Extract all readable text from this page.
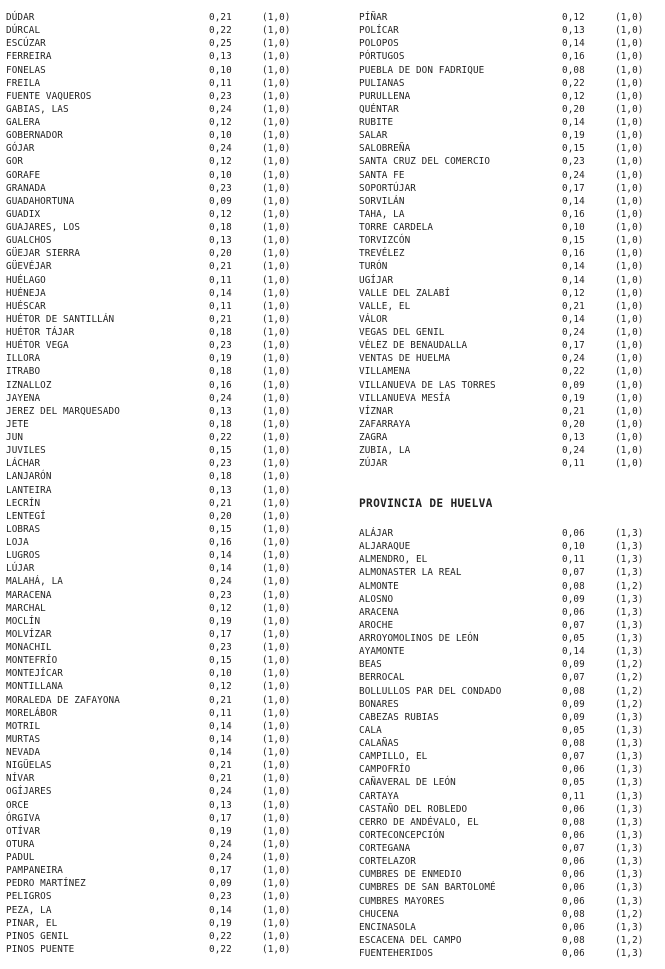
DÚDAR	0,21	(1,0)
DÚRCAL	0,22	(1,0)
ESCÚZAR	0,25	(1,0)
FERREIRA	0,13	(1,0)
FONELAS	0,10	(1,0)
FREILA	0,11	(1,0)
FUENTE VAQUEROS	0,23	(1,0)
GABIAS, LAS	0,24	(1,0)
GALERA	0,12	(1,0)
GOBERNADOR	0,10	(1,0)
GÓJAR	0,24	(1,0)
GOR	0,12	(1,0)
GORAFE	0,10	(1,0)
GRANADA	0,23	(1,0)
GUADAHORTUNA	0,09	(1,0)
GUADIX	0,12	(1,0)
GUAJARES, LOS	0,18	(1,0)
GUALCHOS	0,13	(1,0)
GÜEJAR SIERRA	0,20	(1,0)
GÜEVÉJAR	0,21	(1,0)
HUÉLAGO	0,11	(1,0)
HUÉNEJA	0,14	(1,0)
HUÉSCAR	0,11	(1,0)
HUÉTOR DE SANTILLÁN	0,21	(1,0)
HUÉTOR TÁJAR	0,18	(1,0)
HUÉTOR VEGA	0,23	(1,0)
ILLORA	0,19	(1,0)
ITRABO	0,18	(1,0)
IZNALLOZ	0,16	(1,0)
JAYENA	0,24	(1,0)
JEREZ DEL MARQUESADO	0,13	(1,0)
JETE	0,18	(1,0)
JUN	0,22	(1,0)
JUVILES	0,15	(1,0)
LÁCHAR	0,23	(1,0)
LANJARÓN	0,18	(1,0)
LANTEIRA	0,13	(1,0)
LECRÍN	0,21	(1,0)
LENTEGÍ	0,20	(1,0)
LOBRAS	0,15	(1,0)
LOJA	0,16	(1,0)
LUGROS	0,14	(1,0)
LÚJAR	0,14	(1,0)
MALAHÁ, LA	0,24	(1,0)
MARACENA	0,23	(1,0)
MARCHAL	0,12	(1,0)
MOCLÍN	0,19	(1,0)
MOLVÍZAR	0,17	(1,0)
MONACHIL	0,23	(1,0)
MONTEFRÍO	0,15	(1,0)
MONTEJÍCAR	0,10	(1,0)
MONTILLANA	0,12	(1,0)
MORALEDA DE ZAFAYONA	0,21	(1,0)
MORELÁBOR	0,11	(1,0)
MOTRIL	0,14	(1,0)
MURTAS	0,14	(1,0)
NEVADA	0,14	(1,0)
NIGÜELAS	0,21	(1,0)
NÍVAR	0,21	(1,0)
OGÍJARES	0,24	(1,0)
ORCE	0,13	(1,0)
ÓRGIVA	0,17	(1,0)
OTÍVAR	0,19	(1,0)
OTURA	0,24	(1,0)
PADUL	0,24	(1,0)
PAMPANEIRA	0,17	(1,0)
PEDRO MARTÍNEZ	0,09	(1,0)
PELIGROS	0,23	(1,0)
PEZA, LA	0,14	(1,0)
PINAR, EL	0,19	(1,0)
PINOS GENIL	0,22	(1,0)
PINOS PUENTE	0,22	(1,0)
PÍÑAR	0,12	(1,0)
POLÍCAR	0,13	(1,0)
POLOPOS	0,14	(1,0)
PÓRTUGOS	0,16	(1,0)
PUEBLA DE DON FADRIQUE	0,08	(1,0)
PULIANAS	0,22	(1,0)
PURULLENA	0,12	(1,0)
QUÉNTAR	0,20	(1,0)
RUBITE	0,14	(1,0)
SALAR	0,19	(1,0)
SALOBREÑA	0,15	(1,0)
SANTA CRUZ DEL COMERCIO	0,23	(1,0)
SANTA FE	0,24	(1,0)
SOPORTÚJAR	0,17	(1,0)
SORVILÁN	0,14	(1,0)
TAHA, LA	0,16	(1,0)
TORRE CARDELA	0,10	(1,0)
TORVIZCÓN	0,15	(1,0)
TREVÉLEZ	0,16	(1,0)
TURÓN	0,14	(1,0)
UGÍJAR	0,14	(1,0)
VALLE DEL ZALABÍ	0,12	(1,0)
VALLE, EL	0,21	(1,0)
VÁLOR	0,14	(1,0)
VEGAS DEL GENIL	0,24	(1,0)
VÉLEZ DE BENAUDALLA	0,17	(1,0)
VENTAS DE HUELMA	0,24	(1,0)
VILLAMENA	0,22	(1,0)
VILLANUEVA DE LAS TORRES	0,09	(1,0)
VILLANUEVA MESÍA	0,19	(1,0)
VÍZNAR	0,21	(1,0)
ZAFARRAYA	0,20	(1,0)
ZAGRA	0,13	(1,0)
ZUBIA, LA	0,24	(1,0)
ZÚJAR	0,11	(1,0)
PROVINCIA DE HUELVA
ALÁJAR	0,06	(1,3)
ALJARAQUE	0,10	(1,3)
ALMENDRO, EL	0,11	(1,3)
ALMONASTER LA REAL	0,07	(1,3)
ALMONTE	0,08	(1,2)
ALOSNO	0,09	(1,3)
ARACENA	0,06	(1,3)
AROCHE	0,07	(1,3)
ARROYOMOLINOS DE LEÓN	0,05	(1,3)
AYAMONTE	0,14	(1,3)
BEAS	0,09	(1,2)
BERROCAL	0,07	(1,2)
BOLLULLOS PAR DEL CONDADO	0,08	(1,2)
BONARES	0,09	(1,2)
CABEZAS RUBIAS	0,09	(1,3)
CALA	0,05	(1,3)
CALAÑAS	0,08	(1,3)
CAMPILLO, EL	0,07	(1,3)
CAMPOFRÍO	0,06	(1,3)
CAÑAVERAL DE LEÓN	0,05	(1,3)
CARTAYA	0,11	(1,3)
CASTAÑO DEL ROBLEDO	0,06	(1,3)
CERRO DE ANDÉVALO, EL	0,08	(1,3)
CORTECONCEPCIÓN	0,06	(1,3)
CORTEGANA	0,07	(1,3)
CORTELAZOR	0,06	(1,3)
CUMBRES DE ENMEDIO	0,06	(1,3)
CUMBRES DE SAN BARTOLOMÉ	0,06	(1,3)
CUMBRES MAYORES	0,06	(1,3)
CHUCENA	0,08	(1,2)
ENCINASOLA	0,06	(1,3)
ESCACENA DEL CAMPO	0,08	(1,2)
FUENTEHERIDOS	0,06	(1,3)
